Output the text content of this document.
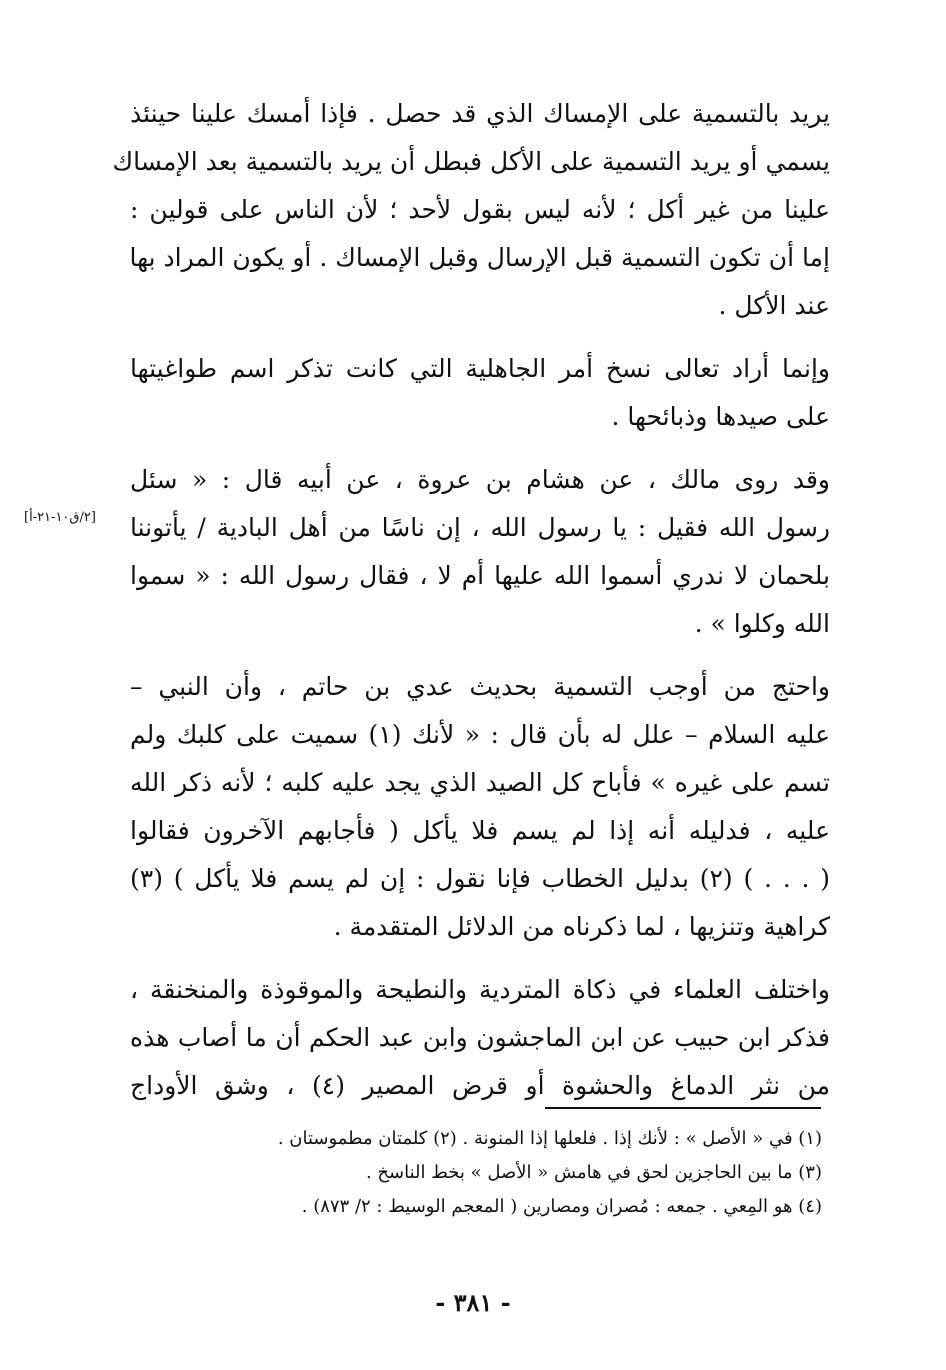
يريد بالتسمية على الإمساك الذي قد حصل . فإذا أمسك علينا حينئذ
يسمي أو يريد التسمية على الأكل فبطل أن يريد بالتسمية بعد الإمساك
علينا من غير أكل ؛ لأنه ليس بقول لأحد ؛ لأن الناس على قولين :
إما أن تكون التسمية قبل الإرسال وقبل الإمساك . أو يكون المراد بها
عند الأكل .

وإنما أراد تعالى نسخ أمر الجاهلية التي كانت تذكر اسم طواغيتها
على صيدها وذبائحها .

وقد روى مالك ، عن هشام بن عروة ، عن أبيه قال : « سئل
رسول الله فقيل : يا رسول الله ، إن ناسًا من أهل البادية / يأتوننا
بلحمان لا ندري أسموا الله عليها أم لا ، فقال رسول الله : « سموا
الله وكلوا » .

واحتج من أوجب التسمية بحديث عدي بن حاتم ، وأن النبي –
عليه السلام – علل له بأن قال : « لأنك (١) سميت على كلبك ولم
تسم على غيره » فأباح كل الصيد الذي يجد عليه كلبه ؛ لأنه ذكر الله
عليه ، فدليله أنه إذا لم يسم فلا يأكل ( فأجابهم الآخرون فقالوا
( . . . ) (٢) بدليل الخطاب فإنا نقول : إن لم يسم فلا يأكل ) (٣)
كراهية وتنزيها ، لما ذكرناه من الدلائل المتقدمة .

واختلف العلماء في ذكاة المتردية والنطيحة والموقوذة والمنخنقة ،
فذكر ابن حبيب عن ابن الماجشون وابن عبد الحكم أن ما أصاب هذه
من نثر الدماغ والحشوة أو قرض المصير (٤) ، وشق الأوداج

[٢/ق١٠-٢١-أ]
(١) في « الأصل » : لأنك إذا . فلعلها إذا المنونة . (٢) كلمتان مطموستان .
(٣) ما بين الحاجزين لحق في هامش « الأصل » بخط الناسخ .
(٤) هو المِعي . جمعه : مُصران ومصارين ( المعجم الوسيط : ٢/ ٨٧٣) .
- ٣٨١ -
